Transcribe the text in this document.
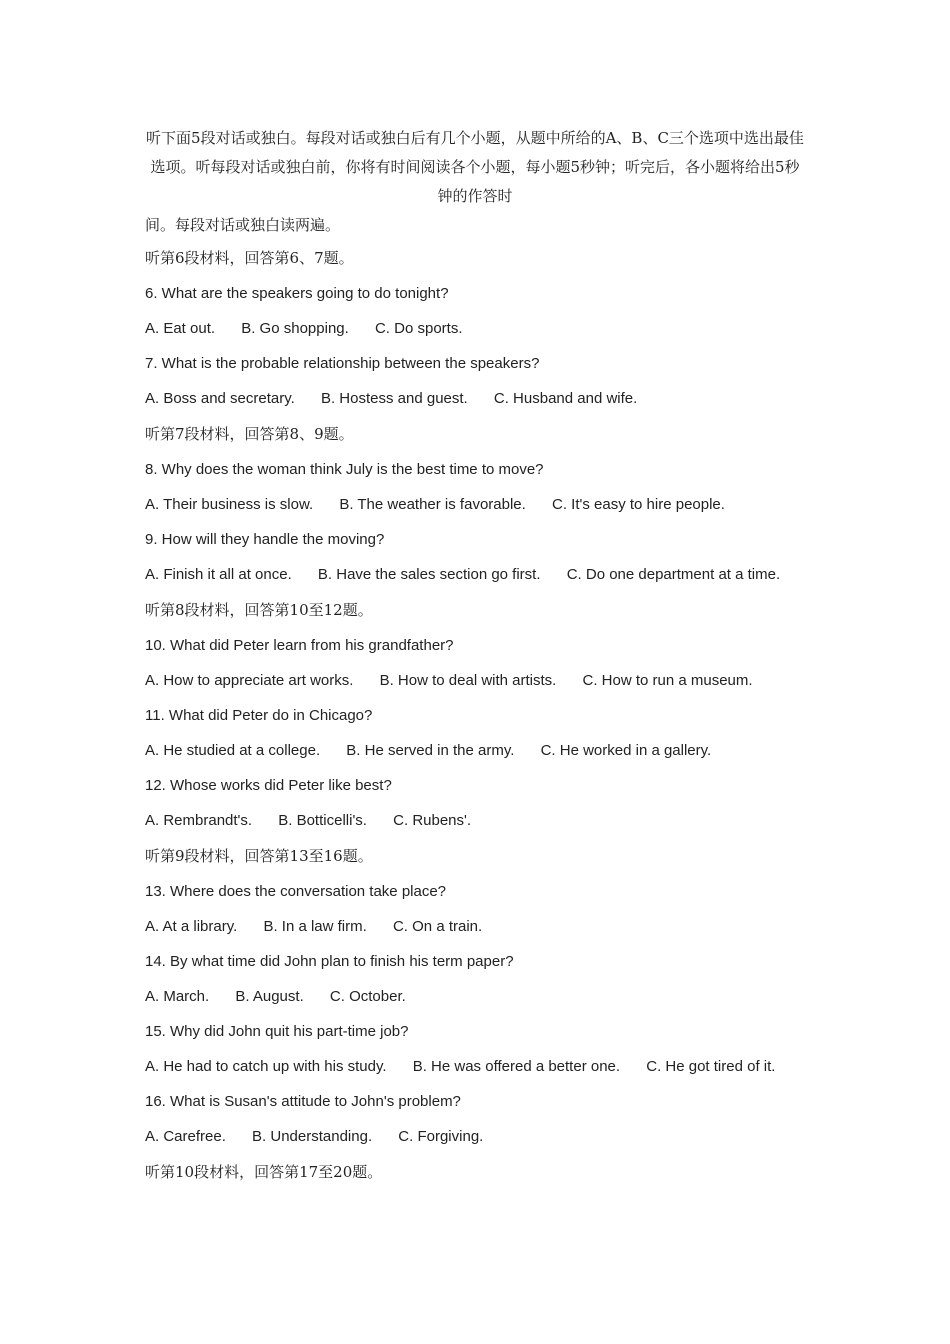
听下面5段对话或独白。每段对话或独白后有几个小题，从题中所给的A、B、C三个选项中选出最佳选项。听每段对话或独白前，你将有时间阅读各个小题，每小题5秒钟；听完后，各小题将给出5秒钟的作答时
间。每段对话或独白读两遍。
听第6段材料，回答第6、7题。
6. What are the speakers going to do tonight?
A. Eat out. B. Go shopping. C. Do sports.
7. What is the probable relationship between the speakers?
A. Boss and secretary. B. Hostess and guest. C. Husband and wife.
听第7段材料，回答第8、9题。
8. Why does the woman think July is the best time to move?
A. Their business is slow. B. The weather is favorable. C. It's easy to hire people.
9. How will they handle the moving?
A. Finish it all at once. B. Have the sales section go first. C. Do one department at a time.
听第8段材料，回答第10至12题。
10. What did Peter learn from his grandfather?
A. How to appreciate art works. B. How to deal with artists. C. How to run a museum.
11. What did Peter do in Chicago?
A. He studied at a college. B. He served in the army. C. He worked in a gallery.
12. Whose works did Peter like best?
A. Rembrandt's. B. Botticelli's. C. Rubens'.
听第9段材料，回答第13至16题。
13. Where does the conversation take place?
A. At a library. B. In a law firm. C. On a train.
14. By what time did John plan to finish his term paper?
A. March. B. August. C. October.
15. Why did John quit his part-time job?
A. He had to catch up with his study. B. He was offered a better one. C. He got tired of it.
16. What is Susan's attitude to John's problem?
A. Carefree. B. Understanding. C. Forgiving.
听第10段材料，回答第17至20题。
